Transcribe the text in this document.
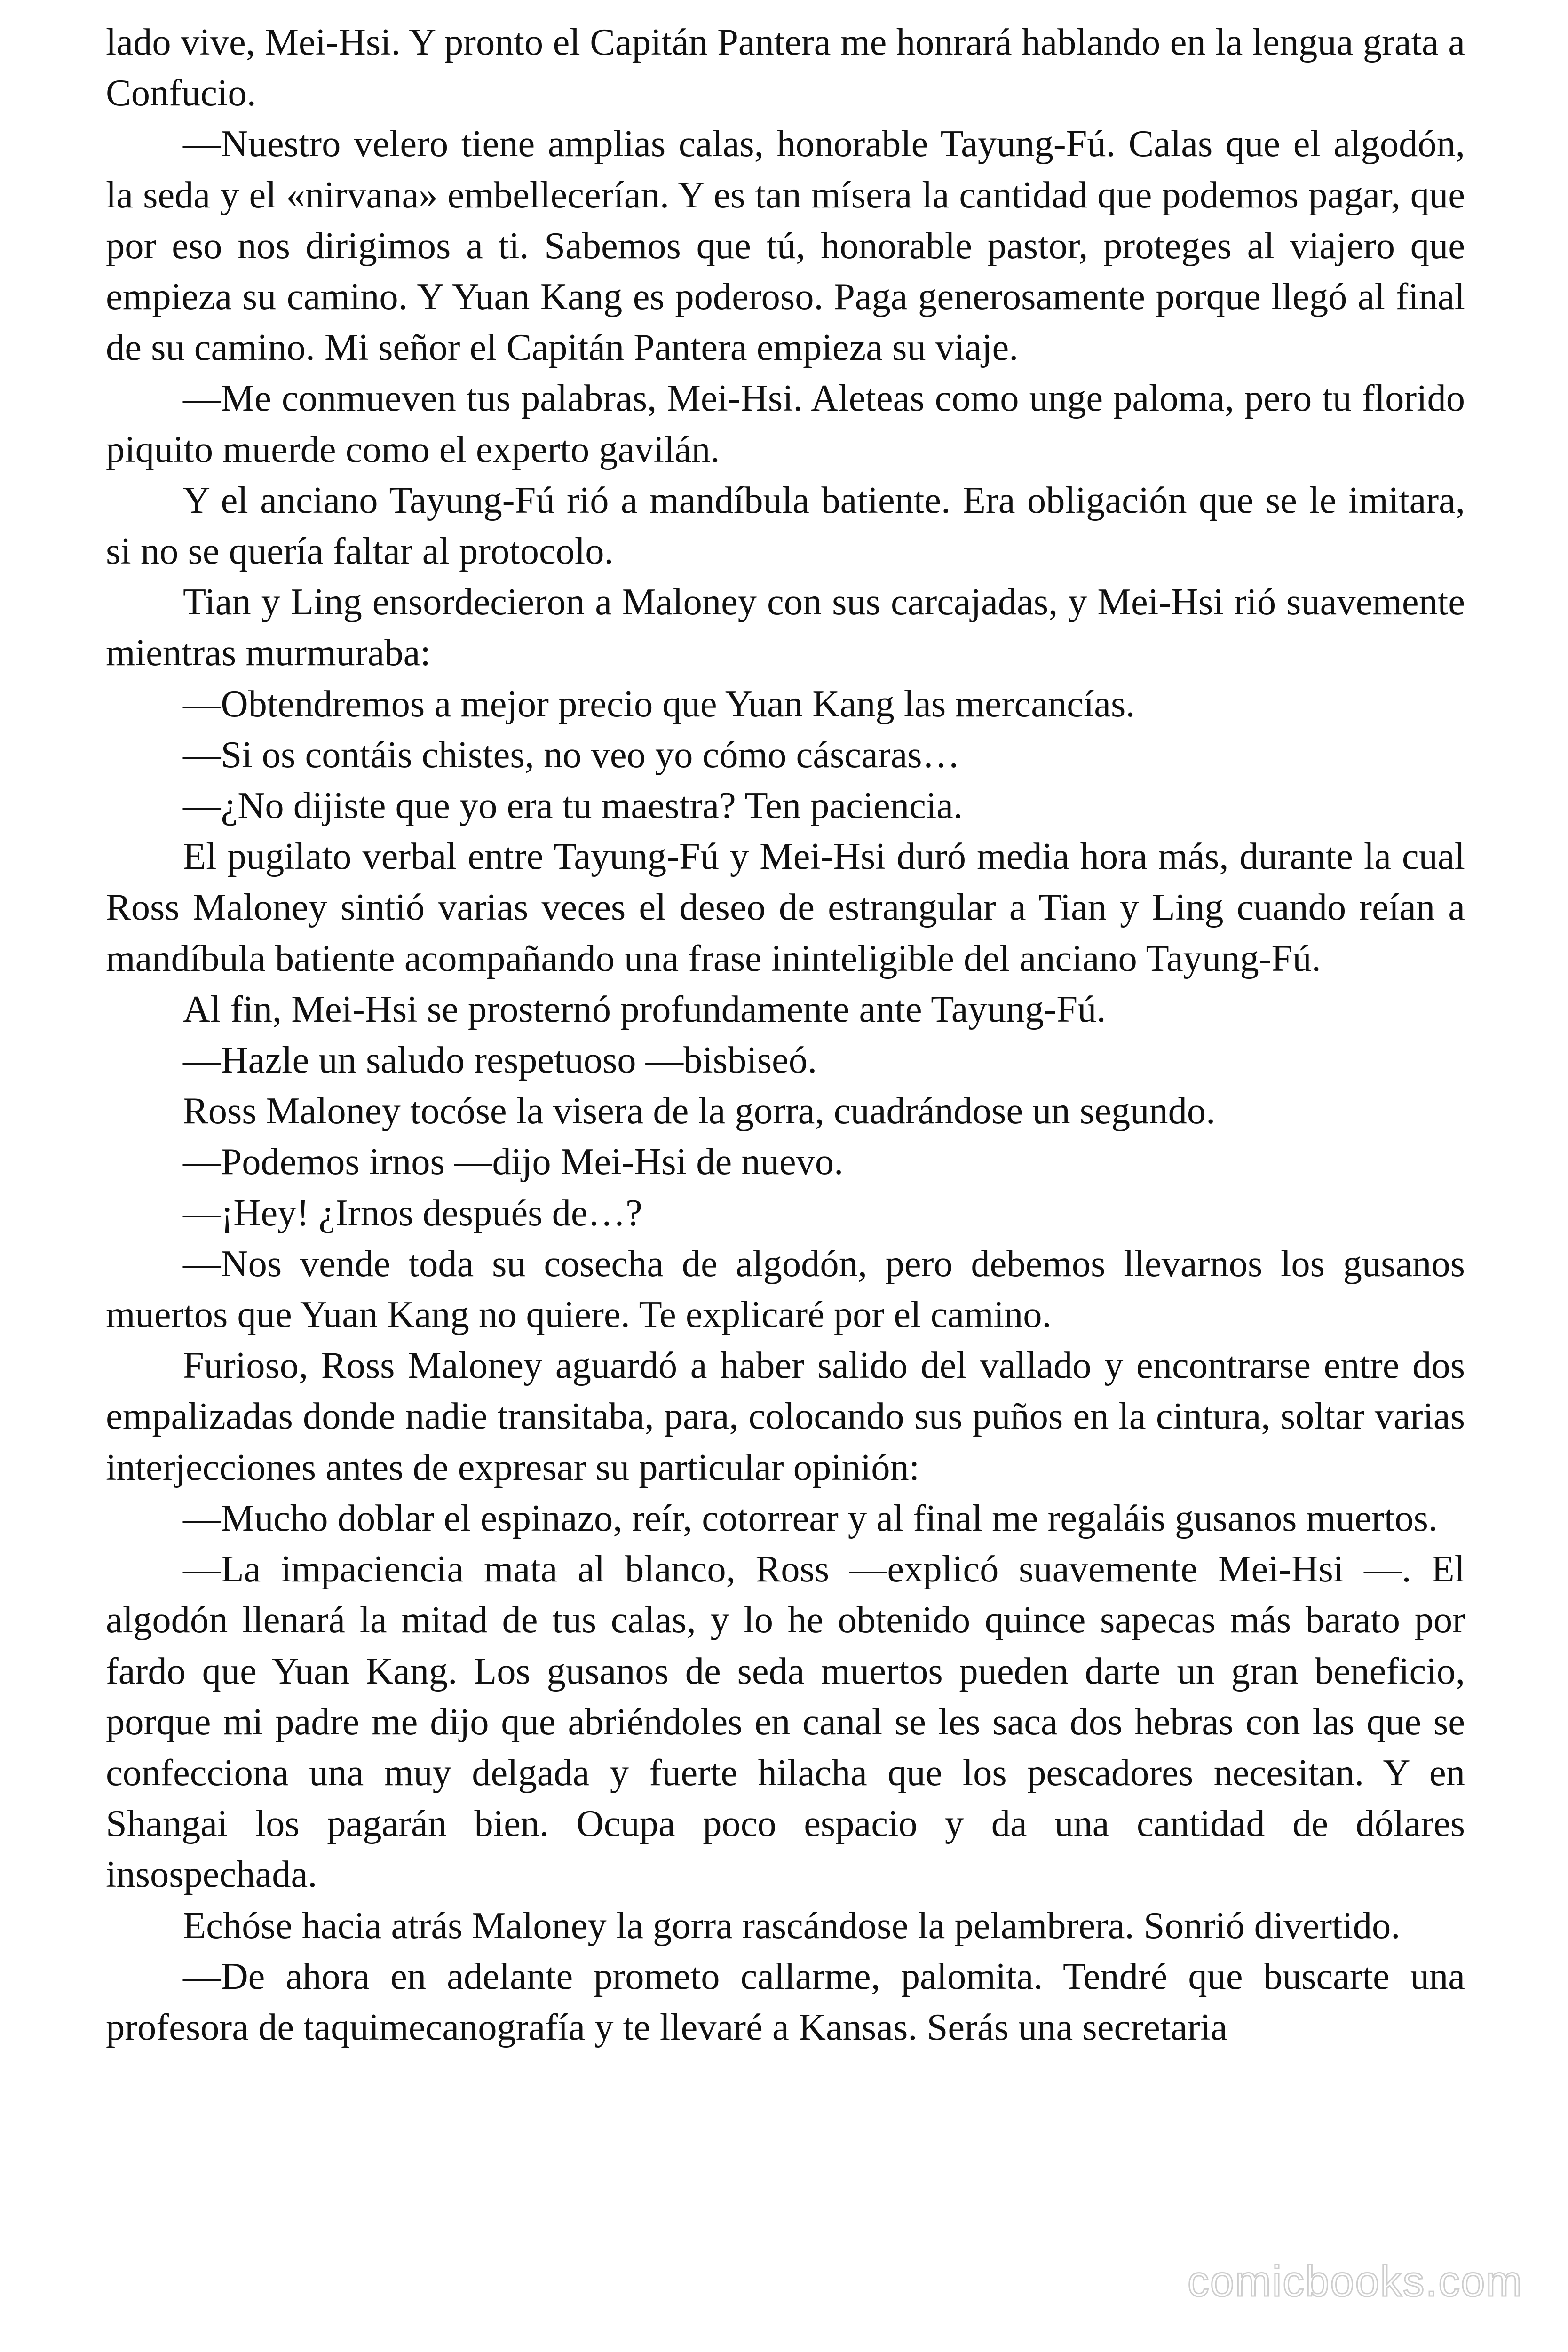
lado vive, Mei-Hsi. Y pronto el Capitán Pantera me honrará hablando en la lengua grata a Confucio.

—Nuestro velero tiene amplias calas, honorable Tayung-Fú. Calas que el algodón, la seda y el «nirvana» embellecerían. Y es tan mísera la cantidad que podemos pagar, que por eso nos dirigimos a ti. Sabemos que tú, honorable pastor, proteges al viajero que empieza su camino. Y Yuan Kang es poderoso. Paga generosamente porque llegó al final de su camino. Mi señor el Capitán Pantera empieza su viaje.

—Me conmueven tus palabras, Mei-Hsi. Aleteas como unge paloma, pero tu florido piquito muerde como el experto gavilán.

Y el anciano Tayung-Fú rió a mandíbula batiente. Era obligación que se le imitara, si no se quería faltar al protocolo.

Tian y Ling ensordecieron a Maloney con sus carcajadas, y Mei-Hsi rió suavemente mientras murmuraba:

—Obtendremos a mejor precio que Yuan Kang las mercancías.

—Si os contáis chistes, no veo yo cómo cáscaras…

—¿No dijiste que yo era tu maestra? Ten paciencia.

El pugilato verbal entre Tayung-Fú y Mei-Hsi duró media hora más, durante la cual Ross Maloney sintió varias veces el deseo de estrangular a Tian y Ling cuando reían a mandíbula batiente acompañando una frase ininteligible del anciano Tayung-Fú.

Al fin, Mei-Hsi se prosternó profundamente ante Tayung-Fú.

—Hazle un saludo respetuoso —bisbiseó.

Ross Maloney tocóse la visera de la gorra, cuadrándose un segundo.

—Podemos irnos —dijo Mei-Hsi de nuevo.

—¡Hey! ¿Irnos después de…?

—Nos vende toda su cosecha de algodón, pero debemos llevarnos los gusanos muertos que Yuan Kang no quiere. Te explicaré por el camino.

Furioso, Ross Maloney aguardó a haber salido del vallado y encontrarse entre dos empalizadas donde nadie transitaba, para, colocando sus puños en la cintura, soltar varias interjecciones antes de expresar su particular opinión:

—Mucho doblar el espinazo, reír, cotorrear y al final me regaláis gusanos muertos.

—La impaciencia mata al blanco, Ross —explicó suavemente Mei-Hsi —. El algodón llenará la mitad de tus calas, y lo he obtenido quince sapecas más barato por fardo que Yuan Kang. Los gusanos de seda muertos pueden darte un gran beneficio, porque mi padre me dijo que abriéndoles en canal se les saca dos hebras con las que se confecciona una muy delgada y fuerte hilacha que los pescadores necesitan. Y en Shangai los pagarán bien. Ocupa poco espacio y da una cantidad de dólares insospechada.

Echóse hacia atrás Maloney la gorra rascándose la pelambrera. Sonrió divertido.

—De ahora en adelante prometo callarme, palomita. Tendré que buscarte una profesora de taquimecanografía y te llevaré a Kansas. Serás una secretaria

comicbooks.com
